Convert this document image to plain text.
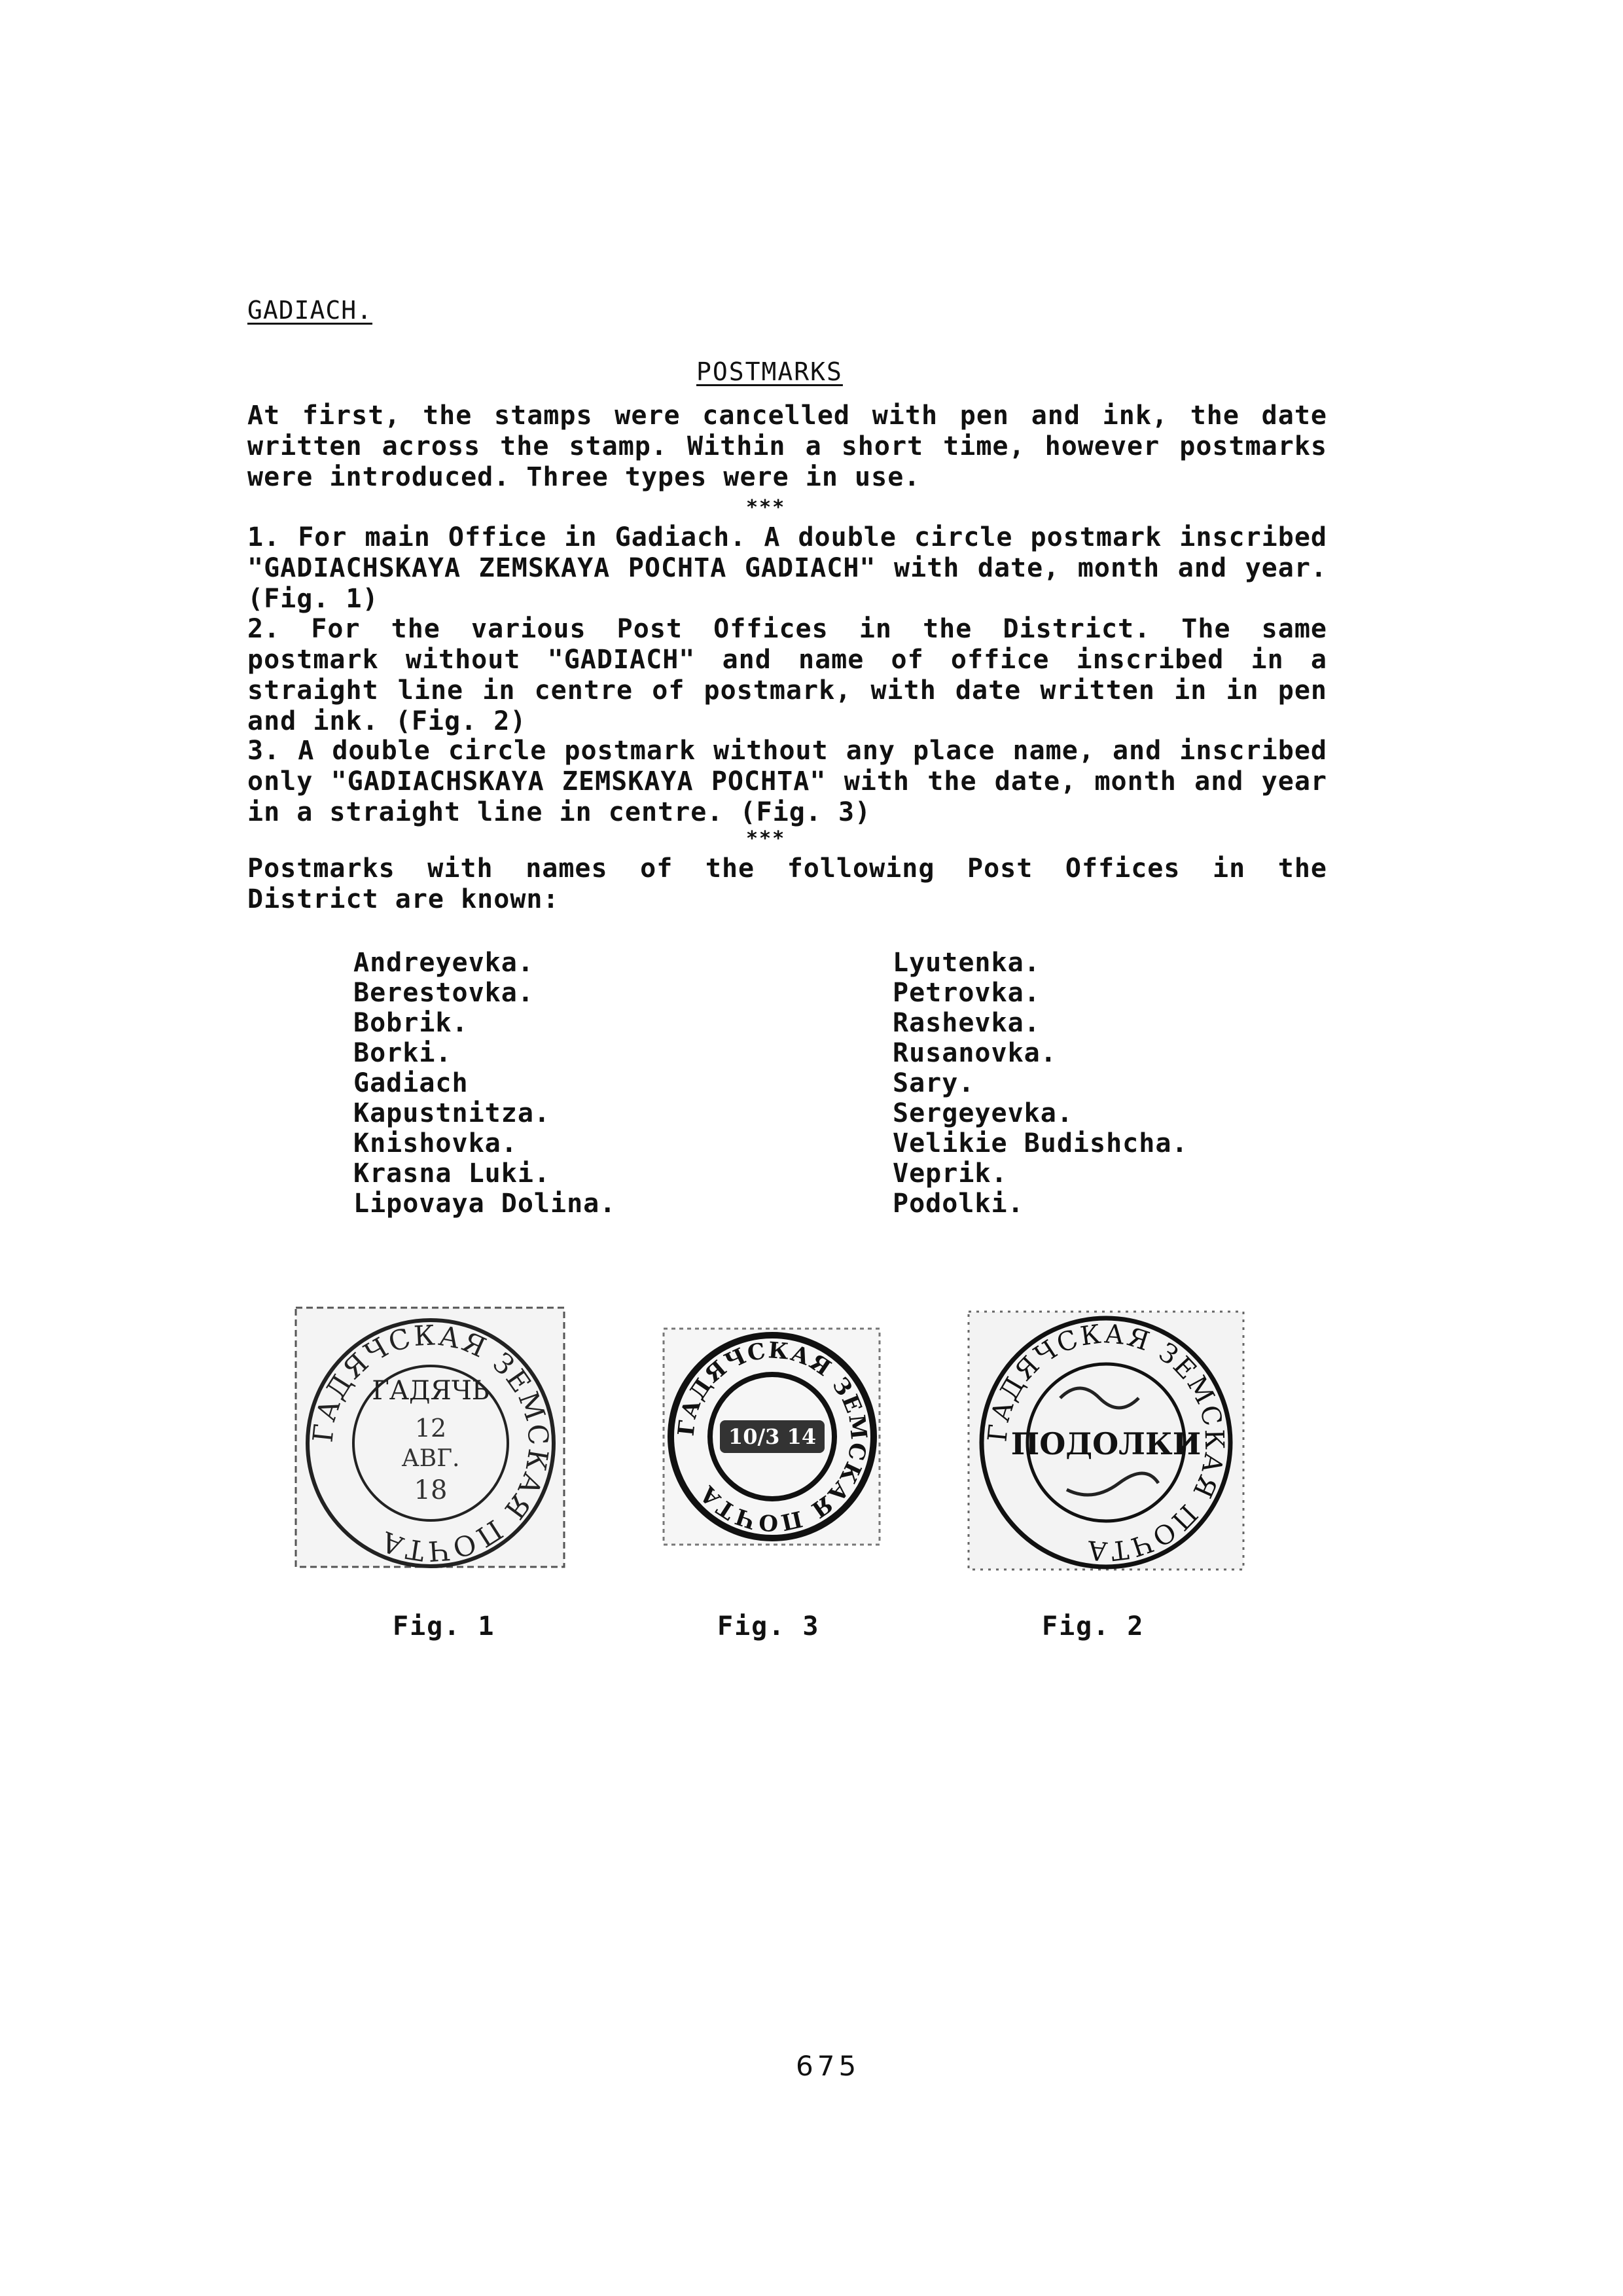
GADIACH.
POSTMARKS

At first, the stamps were cancelled with pen and ink, the date written across the stamp. Within a short time, however postmarks were introduced. Three types were in use.

***

1. For main Office in Gadiach. A double circle postmark inscribed "GADIACHSKAYA ZEMSKAYA POCHTA GADIACH" with date, month and year. (Fig. 1)

2. For the various Post Offices in the District. The same postmark without "GADIACH" and name of office inscribed in a straight line in centre of postmark, with date written in in pen and ink. (Fig. 2)

3. A double circle postmark without any place name, and inscribed only "GADIACHSKAYA ZEMSKAYA POCHTA" with the date, month and year in a straight line in centre. (Fig. 3)

***

Postmarks with names of the following Post Offices in the District are known:

Andreyevka.
Berestovka.
Bobrik.
Borki.
Gadiach
Kapustnitza.
Knishovka.
Krasna Luki.
Lipovaya Dolina.
Lyutenka.
Petrovka.
Rashevka.
Rusanovka.
Sary.
Sergeyevka.
Velikie Budishcha.
Veprik.
Podolki.
ГАДЯЧСКАЯ ЗЕМСКАЯ ПОЧТА
ГАДЯЧЬ
12
АВГ.
18
Fig. 1
ГАДЯЧСКАЯ ЗЕМСКАЯ ПОЧТА
10/3 14
Fig. 3
ГАДЯЧСКАЯ ЗЕМСКАЯ ПОЧТА
ПОДОЛКИ
Fig. 2
675
